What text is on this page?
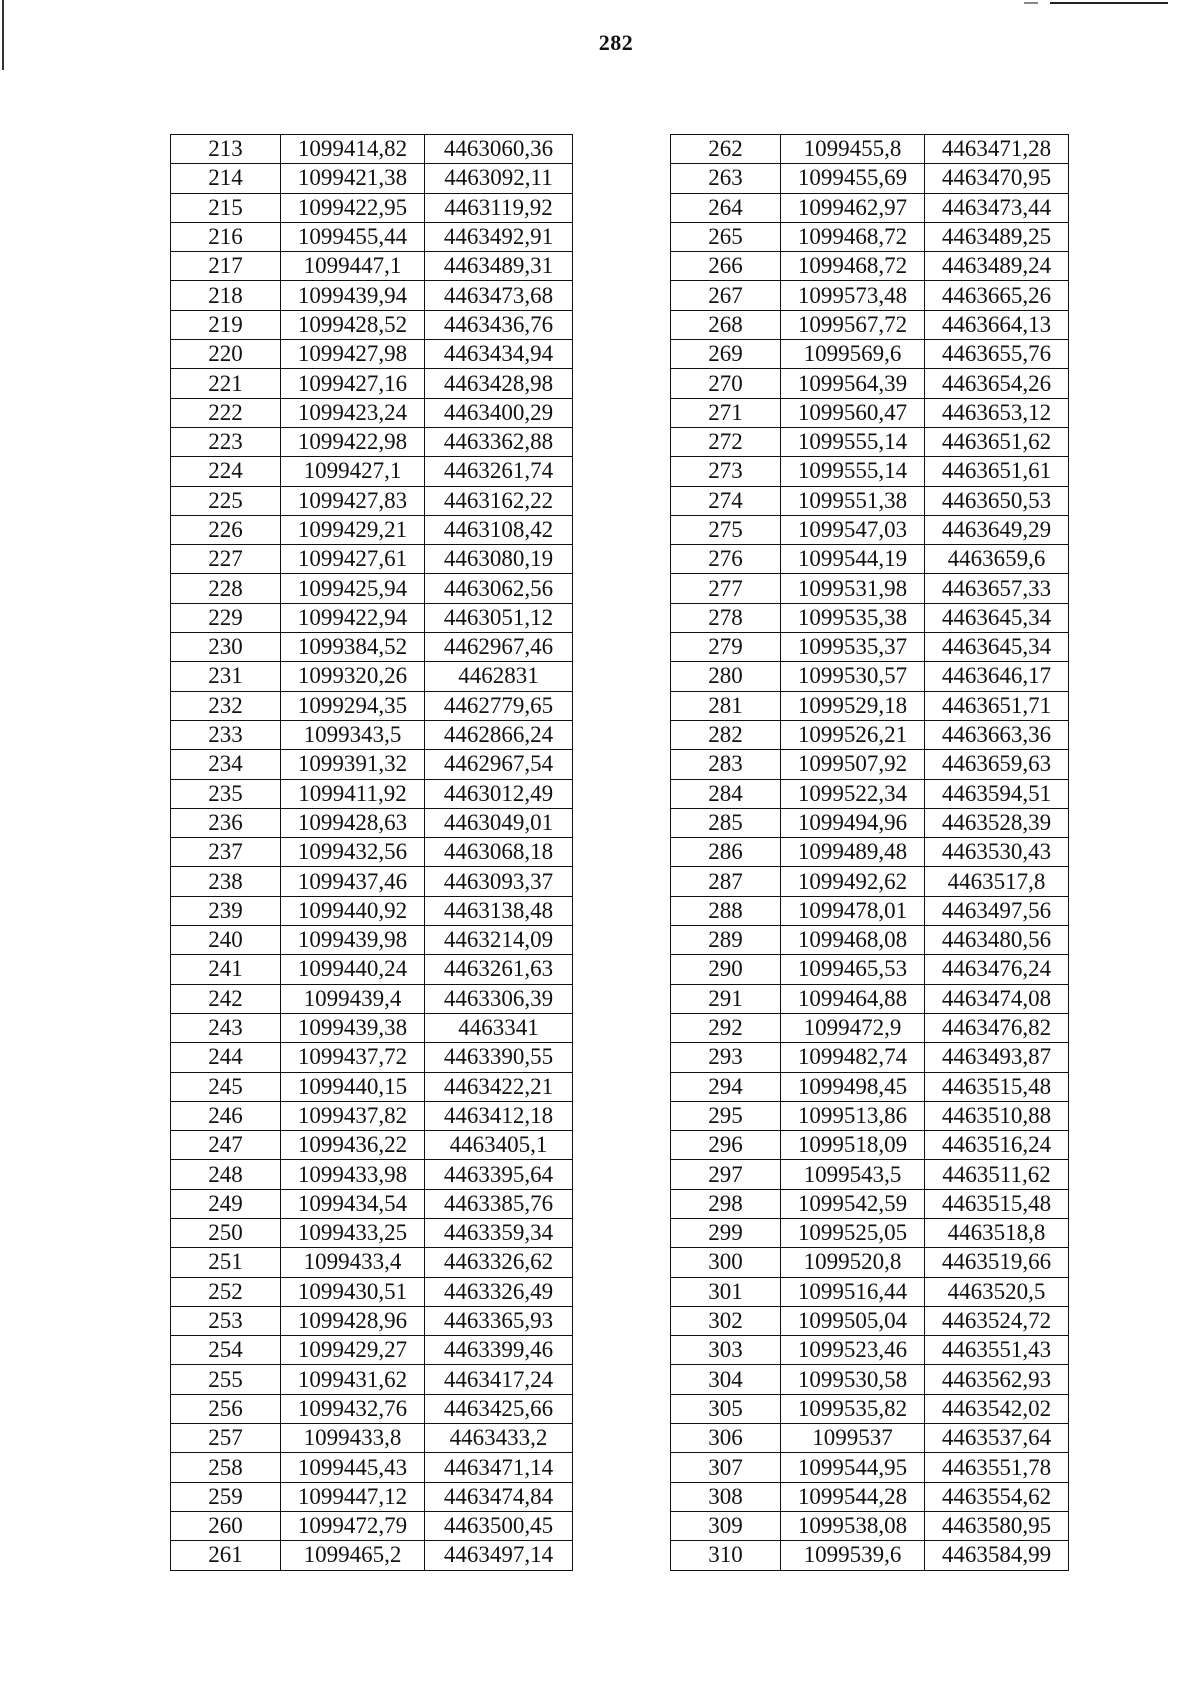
282
213	1099414,82	4463060,36
214	1099421,38	4463092,11
215	1099422,95	4463119,92
216	1099455,44	4463492,91
217	1099447,1	4463489,31
218	1099439,94	4463473,68
219	1099428,52	4463436,76
220	1099427,98	4463434,94
221	1099427,16	4463428,98
222	1099423,24	4463400,29
223	1099422,98	4463362,88
224	1099427,1	4463261,74
225	1099427,83	4463162,22
226	1099429,21	4463108,42
227	1099427,61	4463080,19
228	1099425,94	4463062,56
229	1099422,94	4463051,12
230	1099384,52	4462967,46
231	1099320,26	4462831
232	1099294,35	4462779,65
233	1099343,5	4462866,24
234	1099391,32	4462967,54
235	1099411,92	4463012,49
236	1099428,63	4463049,01
237	1099432,56	4463068,18
238	1099437,46	4463093,37
239	1099440,92	4463138,48
240	1099439,98	4463214,09
241	1099440,24	4463261,63
242	1099439,4	4463306,39
243	1099439,38	4463341
244	1099437,72	4463390,55
245	1099440,15	4463422,21
246	1099437,82	4463412,18
247	1099436,22	4463405,1
248	1099433,98	4463395,64
249	1099434,54	4463385,76
250	1099433,25	4463359,34
251	1099433,4	4463326,62
252	1099430,51	4463326,49
253	1099428,96	4463365,93
254	1099429,27	4463399,46
255	1099431,62	4463417,24
256	1099432,76	4463425,66
257	1099433,8	4463433,2
258	1099445,43	4463471,14
259	1099447,12	4463474,84
260	1099472,79	4463500,45
261	1099465,2	4463497,14
262	1099455,8	4463471,28
263	1099455,69	4463470,95
264	1099462,97	4463473,44
265	1099468,72	4463489,25
266	1099468,72	4463489,24
267	1099573,48	4463665,26
268	1099567,72	4463664,13
269	1099569,6	4463655,76
270	1099564,39	4463654,26
271	1099560,47	4463653,12
272	1099555,14	4463651,62
273	1099555,14	4463651,61
274	1099551,38	4463650,53
275	1099547,03	4463649,29
276	1099544,19	4463659,6
277	1099531,98	4463657,33
278	1099535,38	4463645,34
279	1099535,37	4463645,34
280	1099530,57	4463646,17
281	1099529,18	4463651,71
282	1099526,21	4463663,36
283	1099507,92	4463659,63
284	1099522,34	4463594,51
285	1099494,96	4463528,39
286	1099489,48	4463530,43
287	1099492,62	4463517,8
288	1099478,01	4463497,56
289	1099468,08	4463480,56
290	1099465,53	4463476,24
291	1099464,88	4463474,08
292	1099472,9	4463476,82
293	1099482,74	4463493,87
294	1099498,45	4463515,48
295	1099513,86	4463510,88
296	1099518,09	4463516,24
297	1099543,5	4463511,62
298	1099542,59	4463515,48
299	1099525,05	4463518,8
300	1099520,8	4463519,66
301	1099516,44	4463520,5
302	1099505,04	4463524,72
303	1099523,46	4463551,43
304	1099530,58	4463562,93
305	1099535,82	4463542,02
306	1099537	4463537,64
307	1099544,95	4463551,78
308	1099544,28	4463554,62
309	1099538,08	4463580,95
310	1099539,6	4463584,99
